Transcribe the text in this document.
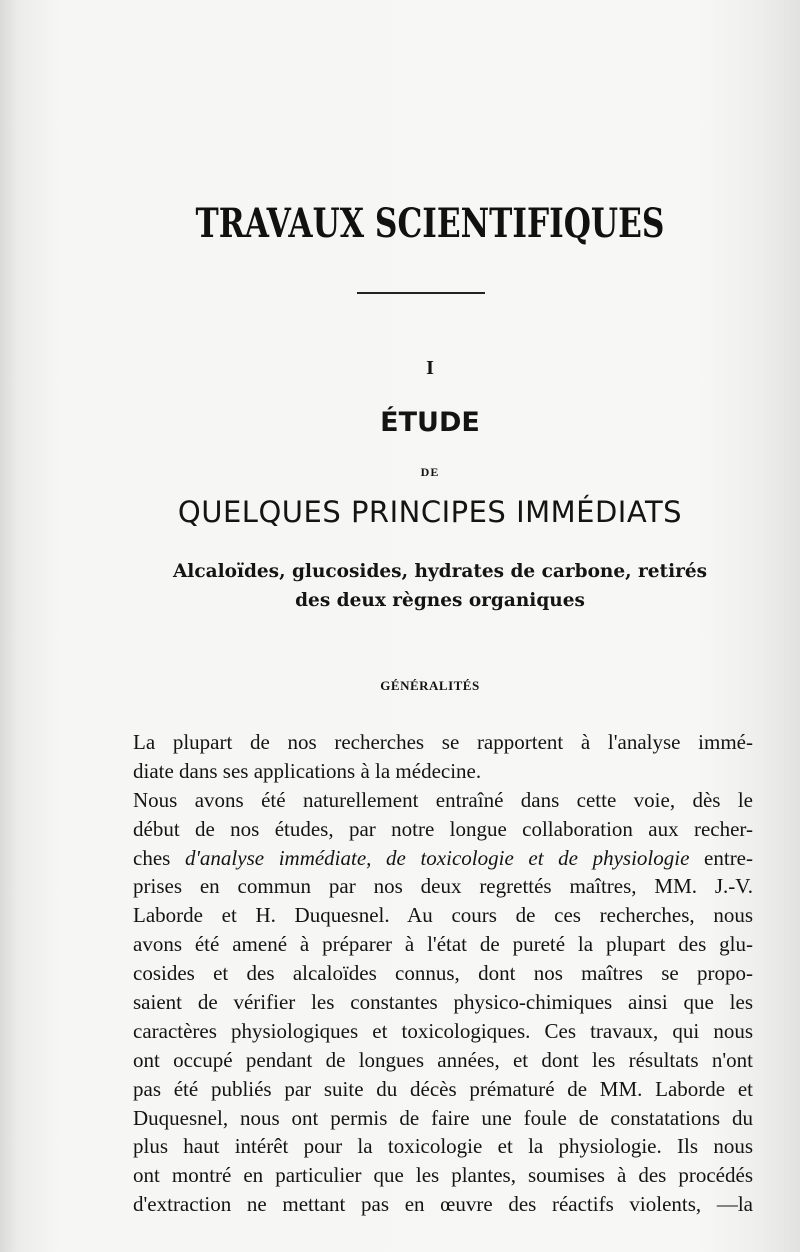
TRAVAUX SCIENTIFIQUES
I
ÉTUDE
DE
QUELQUES PRINCIPES IMMÉDIATS
Alcaloïdes, glucosides, hydrates de carbone, retirés
des deux règnes organiques
GÉNÉRALITÉS
La plupart de nos recherches se rapportent à l'analyse immé-
diate dans ses applications à la médecine.
Nous avons été naturellement entraîné dans cette voie, dès le
début de nos études, par notre longue collaboration aux recher-
ches d'analyse immédiate, de toxicologie et de physiologie entre-
prises en commun par nos deux regrettés maîtres, MM. J.-V.
Laborde et H. Duquesnel. Au cours de ces recherches, nous
avons été amené à préparer à l'état de pureté la plupart des glu-
cosides et des alcaloïdes connus, dont nos maîtres se propo-
saient de vérifier les constantes physico-chimiques ainsi que les
caractères physiologiques et toxicologiques. Ces travaux, qui nous
ont occupé pendant de longues années, et dont les résultats n'ont
pas été publiés par suite du décès prématuré de MM. Laborde et
Duquesnel, nous ont permis de faire une foule de constatations du
plus haut intérêt pour la toxicologie et la physiologie. Ils nous
ont montré en particulier que les plantes, soumises à des procédés
d'extraction ne mettant pas en œuvre des réactifs violents, —la
